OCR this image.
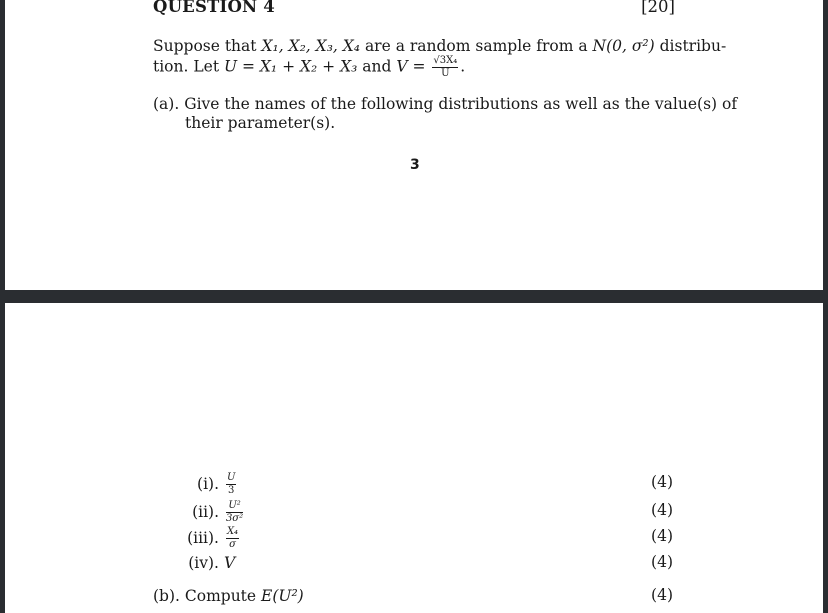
QUESTION 4	[20]
Suppose that X₁, X₂, X₃, X₄ are a random sample from a N(0, σ²) distribu-
tion. Let U = X₁ + X₂ + X₃ and $V = \frac{\text{√3X₄}}{U}$ .
(a). Give the names of the following distributions as well as the value(s) of
their parameter(s).
3
(i). $\frac{U}{3}$	(4)
(ii). $\frac{\text{U²}}{\text{3σ²}}$	(4)
(iii). $\frac{\text{X₄}}{\sigma}$	(4)
(iv). V	(4)
(b). Compute E(U²)	(4)
